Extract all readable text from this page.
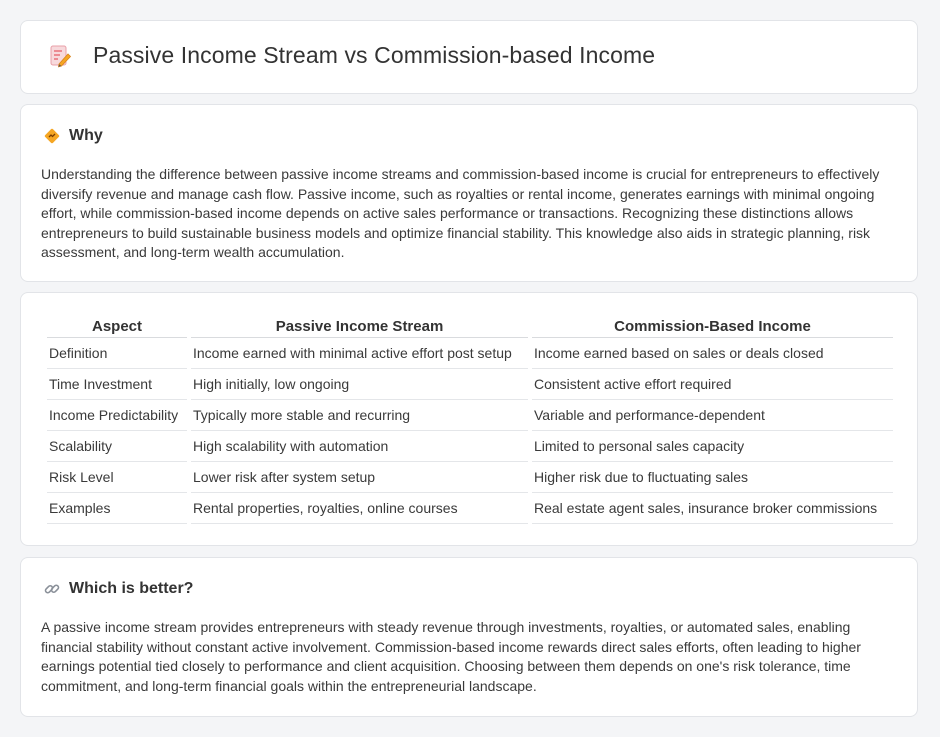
Passive Income Stream vs Commission-based Income
Why

Understanding the difference between passive income streams and commission-based income is crucial for entrepreneurs to effectively diversify revenue and manage cash flow. Passive income, such as royalties or rental income, generates earnings with minimal ongoing effort, while commission-based income depends on active sales performance or transactions. Recognizing these distinctions allows entrepreneurs to build sustainable business models and optimize financial stability. This knowledge also aids in strategic planning, risk assessment, and long-term wealth accumulation.

Aspect	Passive Income Stream	Commission-Based Income
Definition	Income earned with minimal active effort post setup	Income earned based on sales or deals closed
Time Investment	High initially, low ongoing	Consistent active effort required
Income Predictability	Typically more stable and recurring	Variable and performance-dependent
Scalability	High scalability with automation	Limited to personal sales capacity
Risk Level	Lower risk after system setup	Higher risk due to fluctuating sales
Examples	Rental properties, royalties, online courses	Real estate agent sales, insurance broker commissions
Which is better?

A passive income stream provides entrepreneurs with steady revenue through investments, royalties, or automated sales, enabling financial stability without constant active involvement. Commission-based income rewards direct sales efforts, often leading to higher earnings potential tied closely to performance and client acquisition. Choosing between them depends on one's risk tolerance, time commitment, and long-term financial goals within the entrepreneurial landscape.
